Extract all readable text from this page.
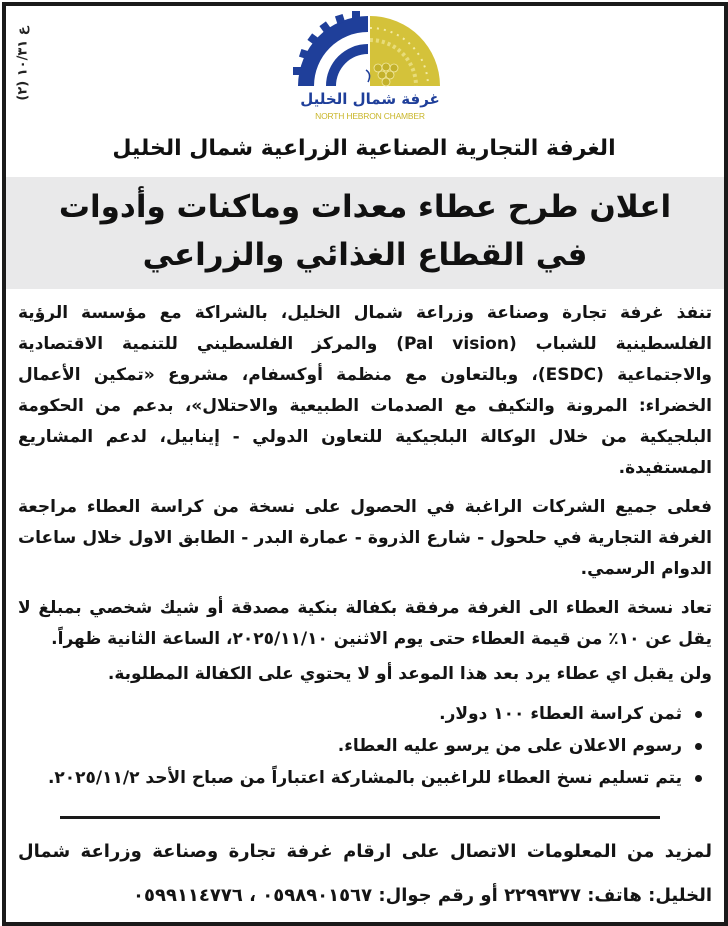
ع ١٠/٣١ (٢)
غرفة شمال الخليل
NORTH HEBRON CHAMBER
الغرفة التجارية الصناعية الزراعية شمال الخليل
اعلان طرح عطاء معدات وماكنات وأدوات
في القطاع الغذائي والزراعي

تنفذ غرفة تجارة وصناعة وزراعة شمال الخليل، بالشراكة مع مؤسسة الرؤية الفلسطينية للشباب (Pal vision) والمركز الفلسطيني للتنمية الاقتصادية والاجتماعية (ESDC)، وبالتعاون مع منظمة أوكسفام، مشروع «تمكين الأعمال الخضراء: المرونة والتكيف مع الصدمات الطبيعية والاحتلال»، بدعم من الحكومة البلجيكية من خلال الوكالة البلجيكية للتعاون الدولي - إينابيل، لدعم المشاريع المستفيدة.

فعلى جميع الشركات الراغبة في الحصول على نسخة من كراسة العطاء مراجعة الغرفة التجارية في حلحول - شارع الذروة - عمارة البدر - الطابق الاول خلال ساعات الدوام الرسمي.

تعاد نسخة العطاء الى الغرفة مرفقة بكفالة بنكية مصدقة أو شيك شخصي بمبلغ لا يقل عن ١٠٪ من قيمة العطاء حتى يوم الاثنين ٢٠٢٥/١١/١٠، الساعة الثانية ظهراً.

ولن يقبل اي عطاء يرد بعد هذا الموعد أو لا يحتوي على الكفالة المطلوبة.

ثمن كراسة العطاء ١٠٠ دولار.
رسوم الاعلان على من يرسو عليه العطاء.
يتم تسليم نسخ العطاء للراغبين بالمشاركة اعتباراً من صباح الأحد ٢٠٢٥/١١/٢.
لمزيد من المعلومات الاتصال على ارقام غرفة تجارة وصناعة وزراعة شمال الخليل: هاتف: ٢٢٩٩٣٧٧ أو رقم جوال: ٠٥٩٨٩٠١٥٦٧ ، ٠٥٩٩١١٤٧٧٦
